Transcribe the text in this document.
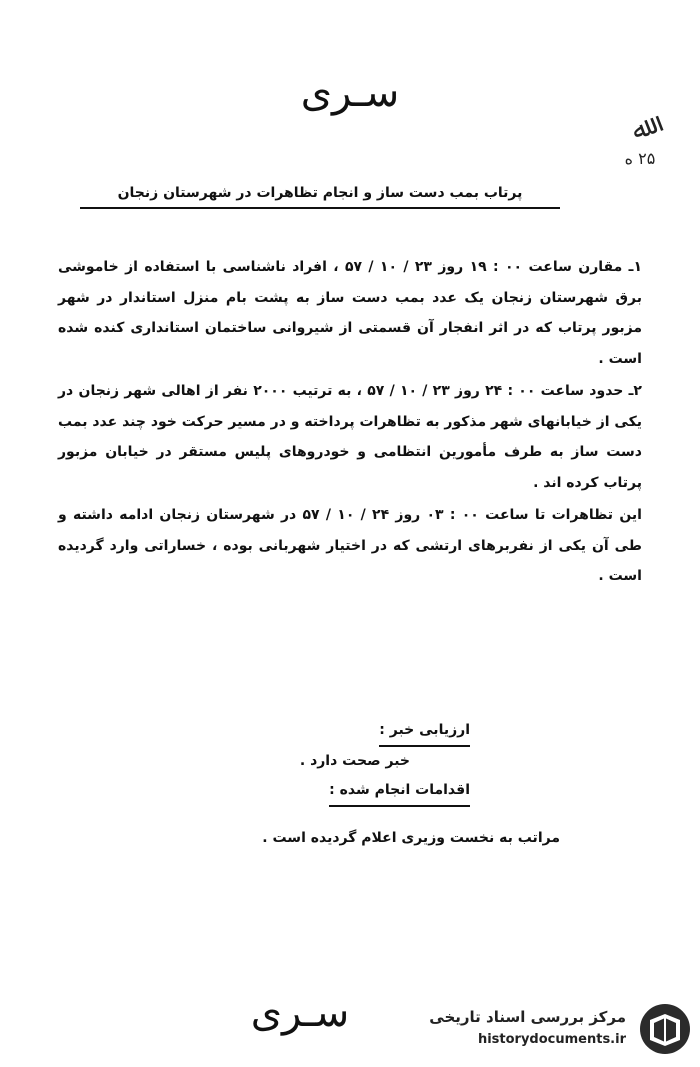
سـرى
ﷲ
۲۵ ه
پرتاب بمب دست ساز و انجام تظاهرات در شهرستان زنجان

۱ـ مقارن ساعت ۰۰ : ۱۹ روز ۲۳ / ۱۰ / ۵۷ ، افراد ناشناسی با استفاده از خاموشی برق شهرستان زنجان یک عدد بمب دست ساز به پشت بام منزل استاندار در شهر مزبور پرتاب که در اثر انفجار آن قسمتی از شیروانی ساختمان استانداری کنده شده است .

۲ـ حدود ساعت ۰۰ : ۲۴ روز ۲۳ / ۱۰ / ۵۷ ، به ترتیب ۲۰۰۰ نفر از اهالی شهر زنجان در یکی از خیابانهای شهر مذکور به تظاهرات پرداخته و در مسیر حرکت خود چند عدد بمب دست ساز به طرف مأمورین انتظامی و خودروهای پلیس مستقر در خیابان مزبور پرتاب کرده اند .

این تظاهرات تا ساعت ۰۰ : ۰۳ روز ۲۴ / ۱۰ / ۵۷ در شهرستان زنجان ادامه داشته و طی آن یکی از نفربرهای ارتشی که در اختیار شهربانی بوده ، خساراتی وارد گردیده است .

ارزیابی خبر :
خبر صحت دارد .
اقدامات انجام شده :
مراتب به نخست وزیری اعلام گردیده است .
سـرى	مرکز بررسی اسناد تاریخی
historydocuments.ir
